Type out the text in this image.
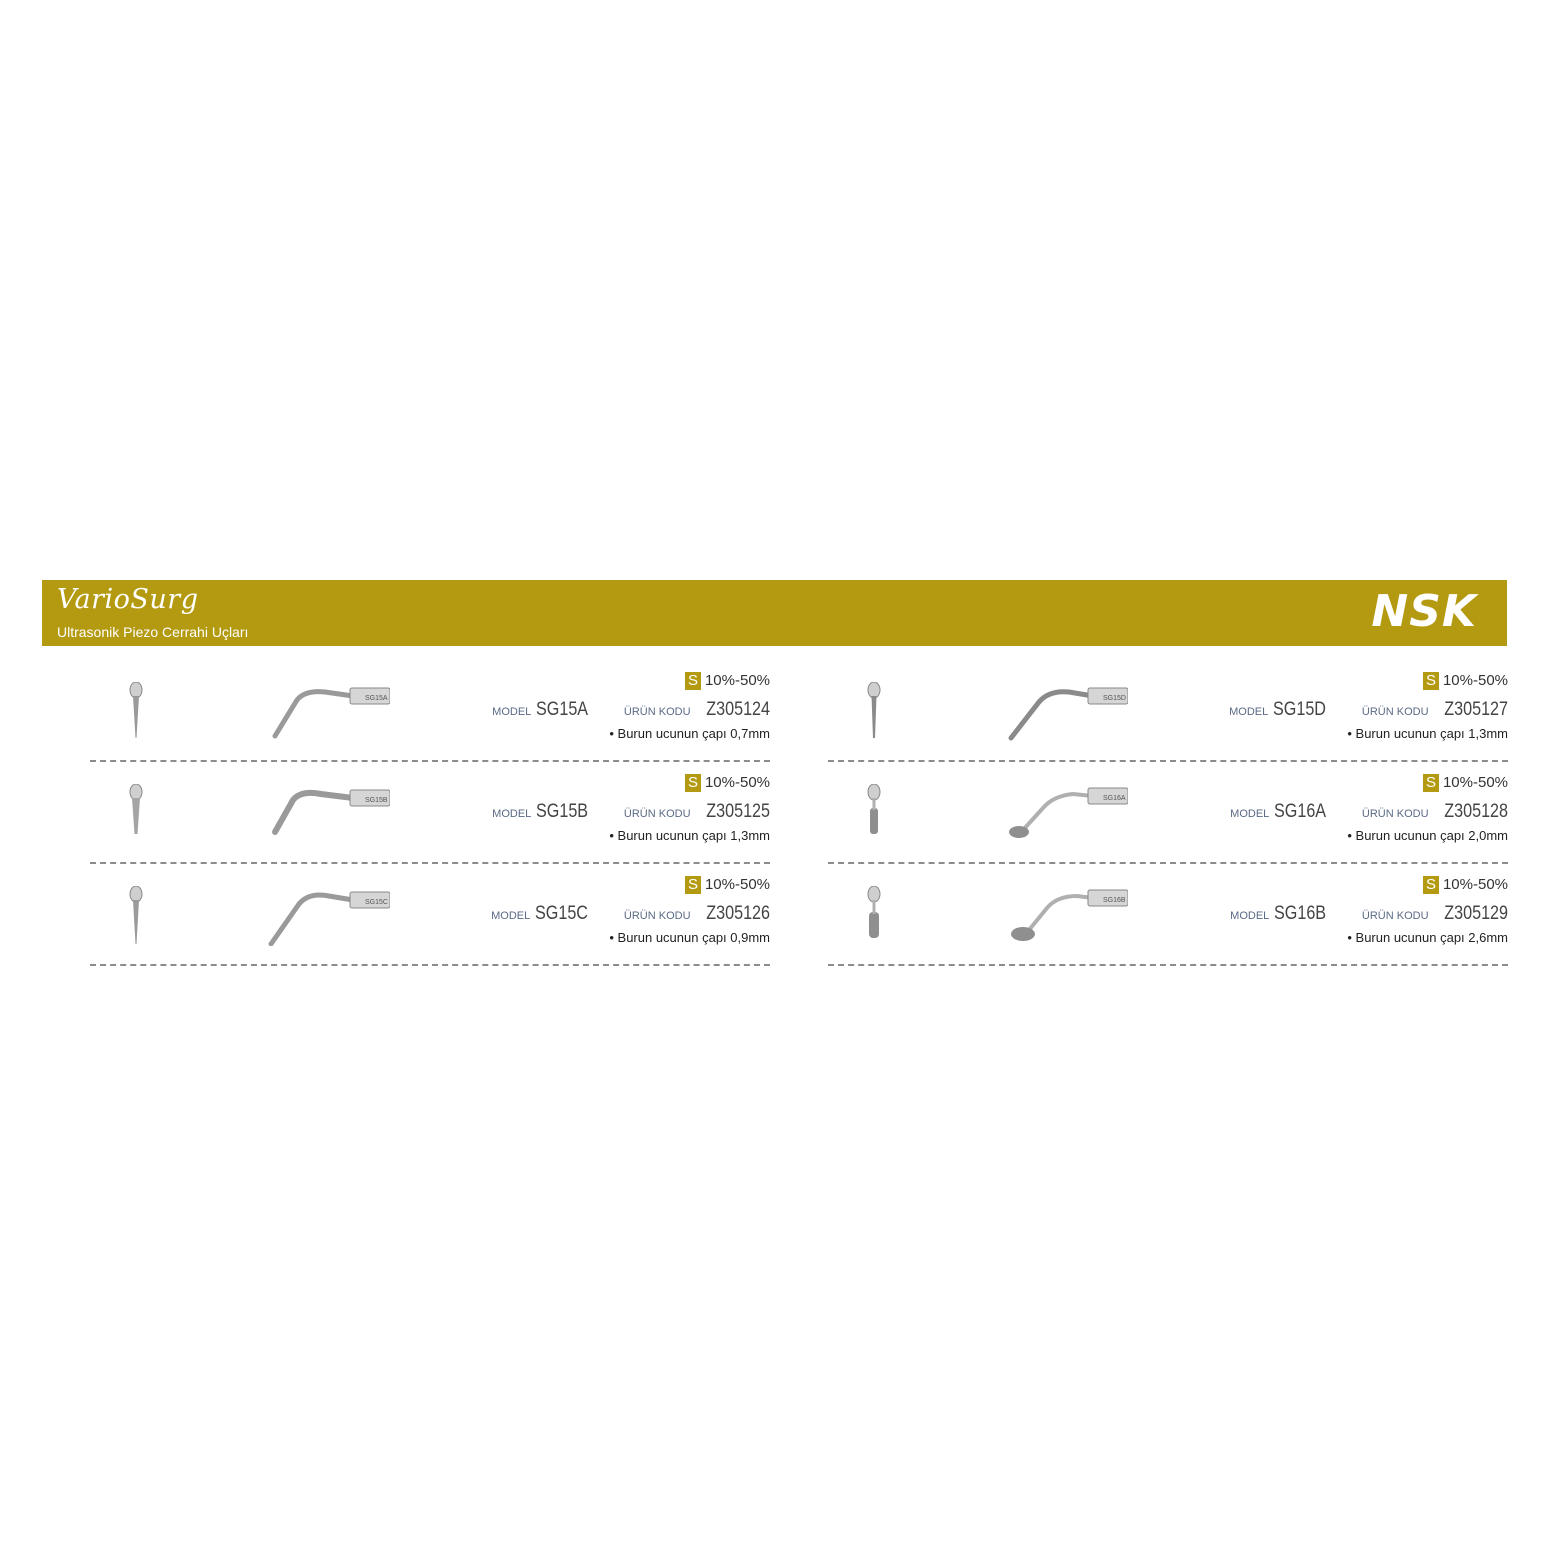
VarioSurg
Ultrasonik Piezo Cerrahi Uçları	NSK
SG15A
S 10%-50%
MODEL SG15A	ÜRÜN KODU Z305124
• Burun ucunun çapı 0,7mm
SG15B
S 10%-50%
MODEL SG15B	ÜRÜN KODU Z305125
• Burun ucunun çapı 1,3mm
SG15C
S 10%-50%
MODEL SG15C	ÜRÜN KODU Z305126
• Burun ucunun çapı 0,9mm
SG15D
S 10%-50%
MODEL SG15D	ÜRÜN KODU Z305127
• Burun ucunun çapı 1,3mm
SG16A
S 10%-50%
MODEL SG16A	ÜRÜN KODU Z305128
• Burun ucunun çapı 2,0mm
SG16B
S 10%-50%
MODEL SG16B	ÜRÜN KODU Z305129
• Burun ucunun çapı 2,6mm
